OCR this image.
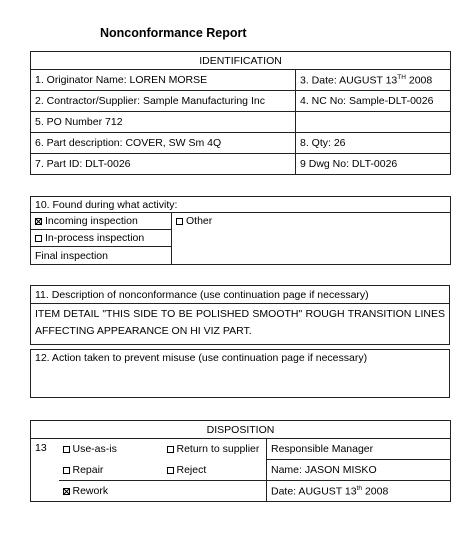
Nonconformance Report
IDENTIFICATION	
1. Originator Name: LOREN MORSE	3. Date: AUGUST 13TH 2008
2. Contractor/Supplier: Sample Manufacturing Inc	4. NC No: Sample-DLT-0026
5. PO Number 712	
6. Part description: COVER, SW Sm 4Q	8. Qty: 26
7. Part ID: DLT-0026	9 Dwg No: DLT-0026
10. Found during what activity:
Incoming inspection	Other
In-process inspection
Final inspection
11. Description of nonconformance (use continuation page if necessary)
ITEM DETAIL "THIS SIDE TO BE POLISHED SMOOTH" ROUGH TRANSITION LINES AFFECTING APPEARANCE ON HI VIZ PART.
12. Action taken to prevent misuse (use continuation page if necessary)
DISPOSITION			
13	Use-as-is	Return to supplier	Responsible Manager
	Repair	Reject	Name: JASON MISKO
	Rework		Date: AUGUST 13th 2008
